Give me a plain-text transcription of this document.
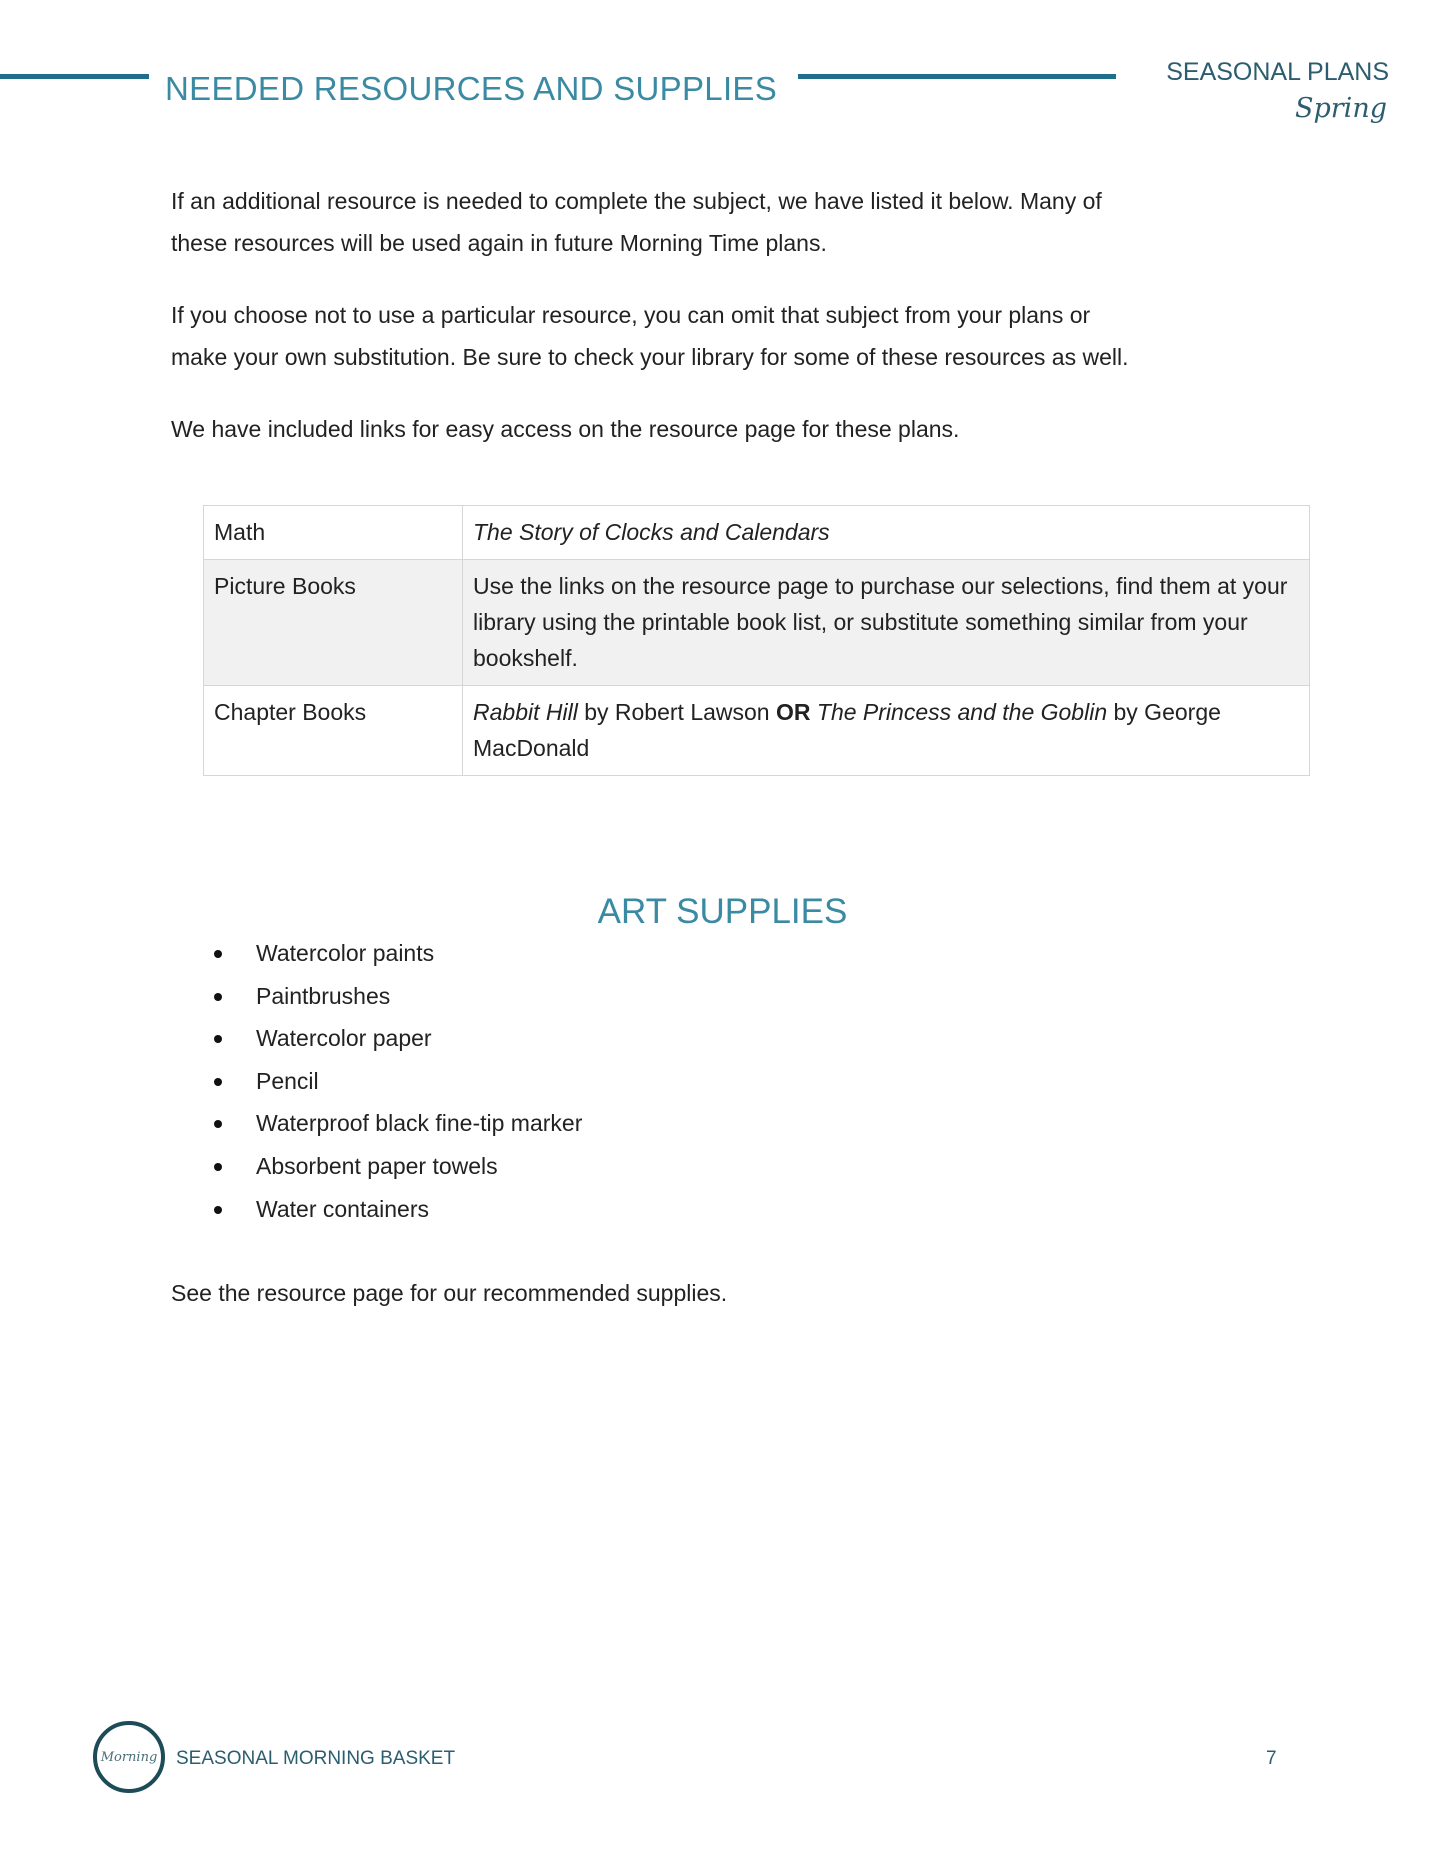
NEEDED RESOURCES AND SUPPLIES	SEASONAL PLANS
Spring
If an additional resource is needed to complete the subject, we have listed it below. Many of
these resources will be used again in future Morning Time plans.
If you choose not to use a particular resource, you can omit that subject from your plans or
make your own substitution. Be sure to check your library for some of these resources as well.
We have included links for easy access on the resource page for these plans.
Math	The Story of Clocks and Calendars
Picture Books	Use the links on the resource page to purchase our selections, find them at your library using the printable book list, or substitute something similar from your bookshelf.
Chapter Books	Rabbit Hill by Robert Lawson OR The Princess and the Goblin by George MacDonald
ART SUPPLIES
Watercolor paints
Paintbrushes
Watercolor paper
Pencil
Waterproof black fine-tip marker
Absorbent paper towels
Water containers
See the resource page for our recommended supplies.
Morning SEASONAL MORNING BASKET	7
